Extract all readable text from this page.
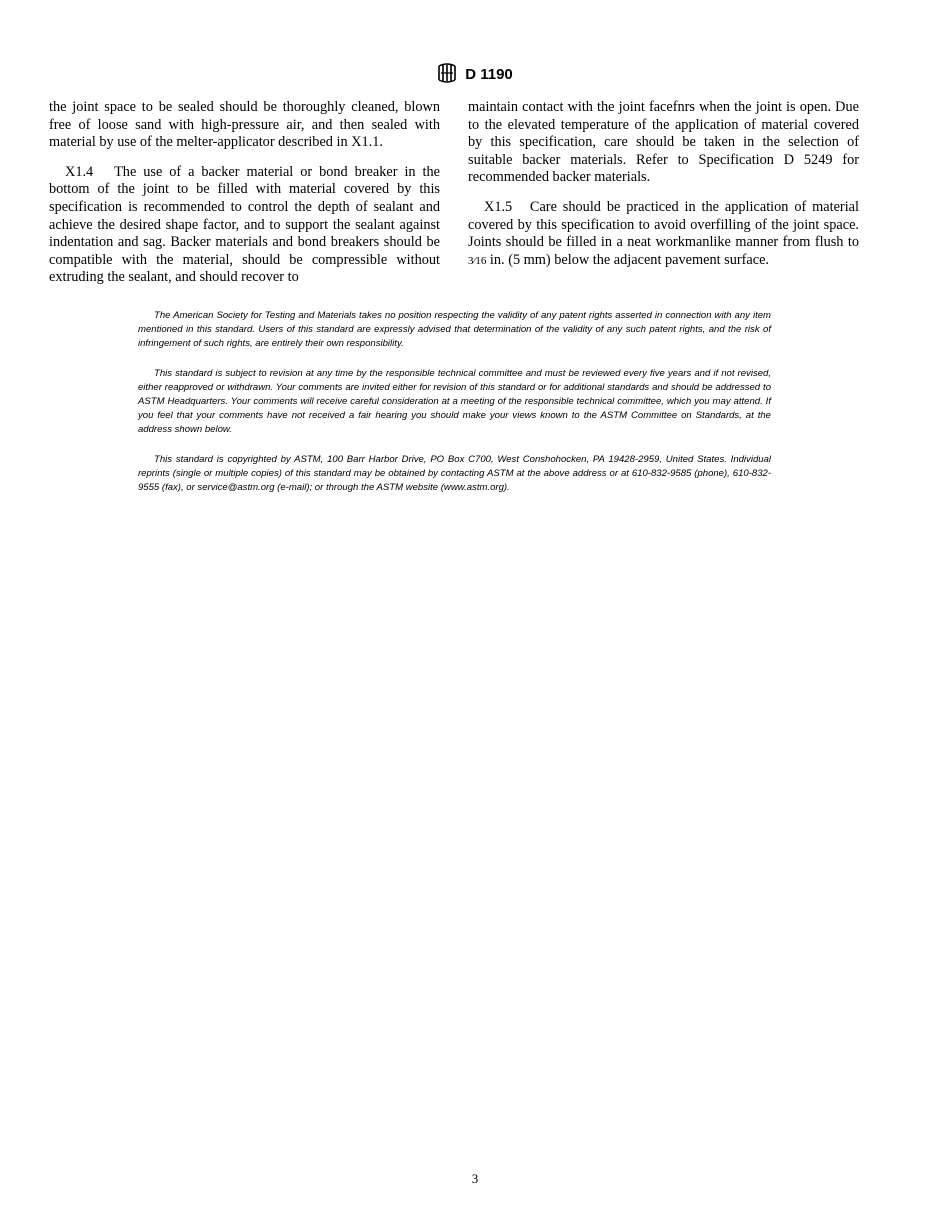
D 1190

the joint space to be sealed should be thoroughly cleaned, blown free of loose sand with high-pressure air, and then sealed with material by use of the melter-applicator described in X1.1.

X1.4 The use of a backer material or bond breaker in the bottom of the joint to be filled with material covered by this specification is recommended to control the depth of sealant and achieve the desired shape factor, and to support the sealant against indentation and sag. Backer materials and bond breakers should be compatible with the material, should be compressible without extruding the sealant, and should recover to

maintain contact with the joint facefnrs when the joint is open. Due to the elevated temperature of the application of material covered by this specification, care should be taken in the selection of suitable backer materials. Refer to Specification D 5249 for recommended backer materials.

X1.5 Care should be practiced in the application of material covered by this specification to avoid overfilling of the joint space. Joints should be filled in a neat workmanlike manner from flush to 3⁄16 in. (5 mm) below the adjacent pavement surface.

The American Society for Testing and Materials takes no position respecting the validity of any patent rights asserted in connection with any item mentioned in this standard. Users of this standard are expressly advised that determination of the validity of any such patent rights, and the risk of infringement of such rights, are entirely their own responsibility.

This standard is subject to revision at any time by the responsible technical committee and must be reviewed every five years and if not revised, either reapproved or withdrawn. Your comments are invited either for revision of this standard or for additional standards and should be addressed to ASTM Headquarters. Your comments will receive careful consideration at a meeting of the responsible technical committee, which you may attend. If you feel that your comments have not received a fair hearing you should make your views known to the ASTM Committee on Standards, at the address shown below.

This standard is copyrighted by ASTM, 100 Barr Harbor Drive, PO Box C700, West Conshohocken, PA 19428-2959, United States. Individual reprints (single or multiple copies) of this standard may be obtained by contacting ASTM at the above address or at 610-832-9585 (phone), 610-832-9555 (fax), or service@astm.org (e-mail); or through the ASTM website (www.astm.org).

3
